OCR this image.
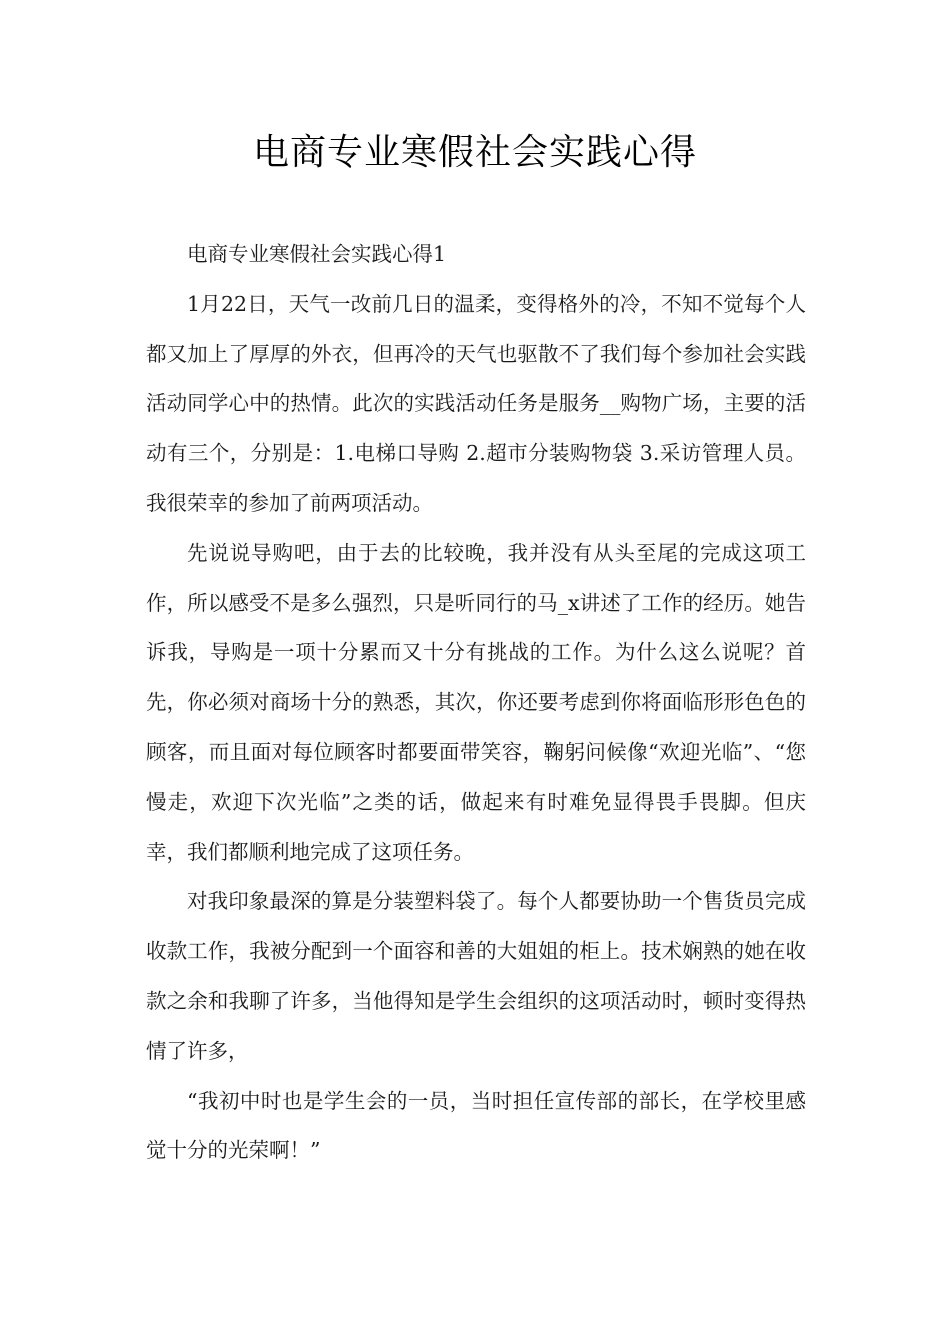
电商专业寒假社会实践心得

电商专业寒假社会实践心得1

1月22日，天气一改前几日的温柔，变得格外的冷，不知不觉每个人都又加上了厚厚的外衣，但再冷的天气也驱散不了我们每个参加社会实践活动同学心中的热情。此次的实践活动任务是服务__购物广场，主要的活动有三个，分别是：1.电梯口导购 2.超市分装购物袋 3.采访管理人员。我很荣幸的参加了前两项活动。

先说说导购吧，由于去的比较晚，我并没有从头至尾的完成这项工作，所以感受不是多么强烈，只是听同行的马_x讲述了工作的经历。她告诉我，导购是一项十分累而又十分有挑战的工作。为什么这么说呢？首先，你必须对商场十分的熟悉，其次，你还要考虑到你将面临形形色色的顾客，而且面对每位顾客时都要面带笑容，鞠躬问候像“欢迎光临”、“您慢走，欢迎下次光临”之类的话，做起来有时难免显得畏手畏脚。但庆幸，我们都顺利地完成了这项任务。

对我印象最深的算是分装塑料袋了。每个人都要协助一个售货员完成收款工作，我被分配到一个面容和善的大姐姐的柜上。技术娴熟的她在收款之余和我聊了许多，当他得知是学生会组织的这项活动时，顿时变得热情了许多，

“我初中时也是学生会的一员，当时担任宣传部的部长，在学校里感觉十分的光荣啊！”
